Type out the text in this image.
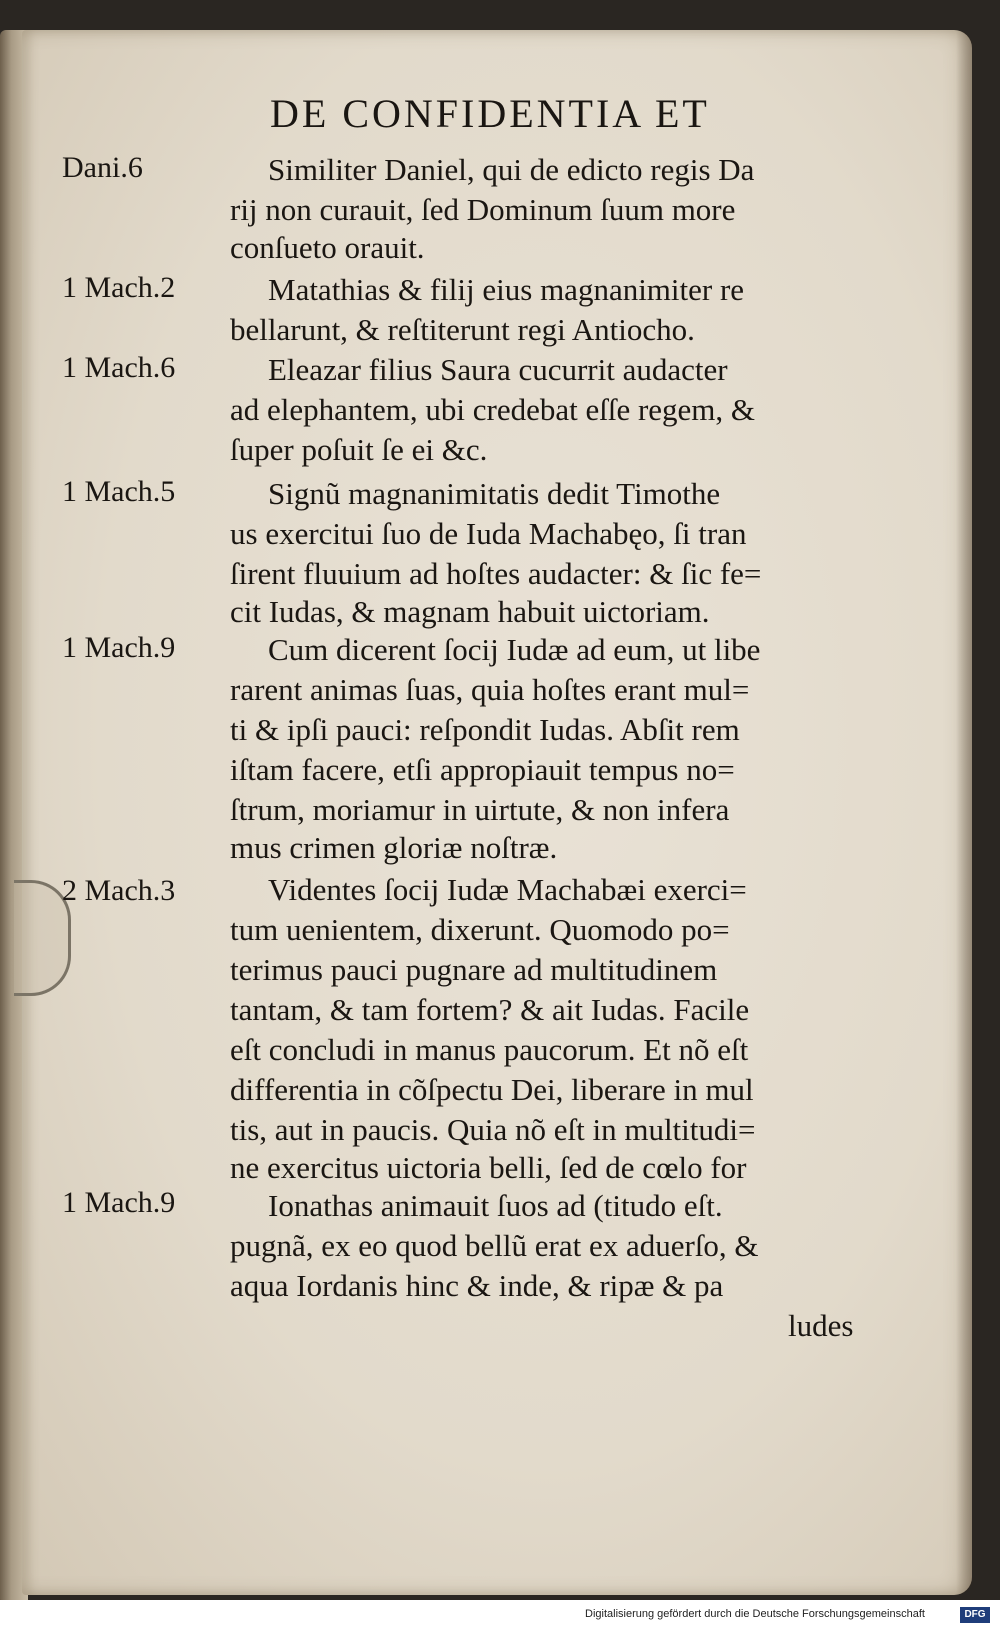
DE CONFIDENTIA ET
Dani.6
1 Mach.2
1 Mach.6
1 Mach.5
1 Mach.9
2 Mach.3
1 Mach.9
Similiter Daniel, qui de edicto regis Da
rij non curauit, ſed Dominum ſuum more
conſueto orauit.
Matathias & filij eius magnanimiter re
bellarunt, & reſtiterunt regi Antiocho.
Eleazar filius Saura cucurrit audacter
ad elephantem, ubi credebat eſſe regem, &
ſuper poſuit ſe ei &c.
Signũ magnanimitatis dedit Timothe
us exercitui ſuo de Iuda Machabęo, ſi tran
ſirent fluuium ad hoſtes audacter: & ſic fe=
cit Iudas, & magnam habuit uictoriam.
Cum dicerent ſocij Iudæ ad eum, ut libe
rarent animas ſuas, quia hoſtes erant mul=
ti & ipſi pauci: reſpondit Iudas. Abſit rem
iſtam facere, etſi appropiauit tempus no=
ſtrum, moriamur in uirtute, & non infera
mus crimen gloriæ noſtræ.
Videntes ſocij Iudæ Machabæi exerci=
tum uenientem, dixerunt. Quomodo po=
terimus pauci pugnare ad multitudinem
tantam, & tam fortem? & ait Iudas. Facile
eſt concludi in manus paucorum. Et nõ eſt
differentia in cõſpectu Dei, liberare in mul
tis, aut in paucis. Quia nõ eſt in multitudi=
ne exercitus uictoria belli, ſed de cœlo for
Ionathas animauit ſuos ad (titudo eſt.
pugnã, ex eo quod bellũ erat ex aduerſo, &
aqua Iordanis hinc & inde, & ripæ & pa
ludes
Digitalisierung gefördert durch die Deutsche Forschungsgemeinschaft	DFG
